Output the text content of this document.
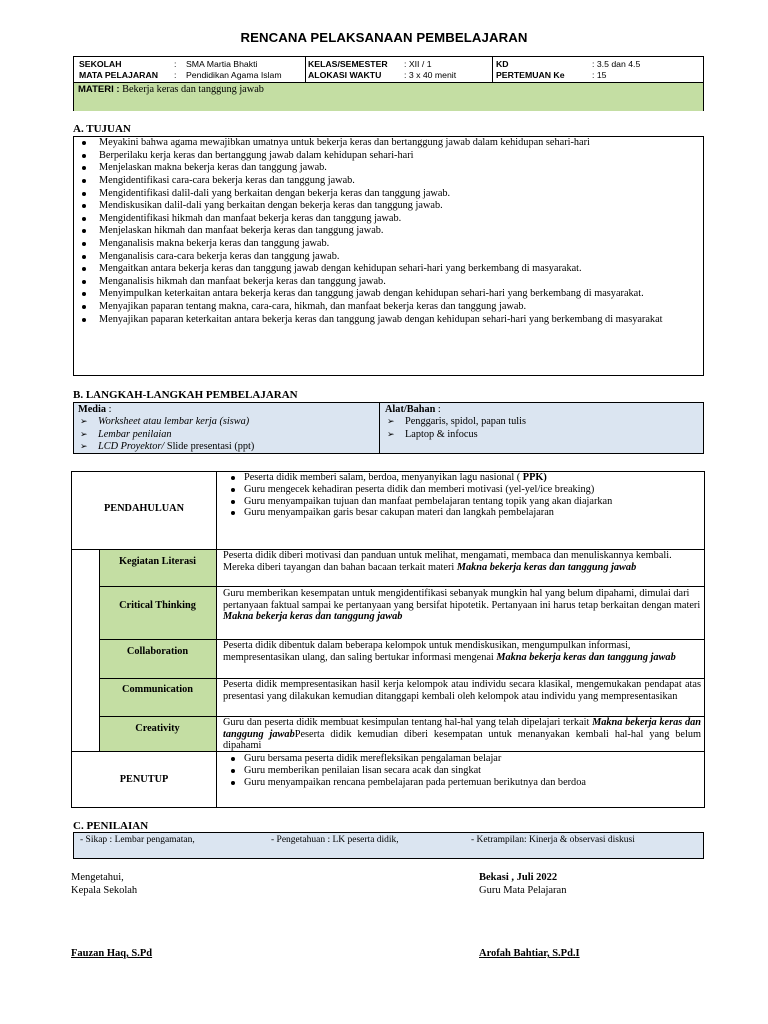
RENCANA PELAKSANAAN PEMBELAJARAN
SEKOLAH	: SMA Martia Bhakti
MATA PELAJARAN : Pendidikan Agama Islam
KELAS/SEMESTER : XII / 1
ALOKASI WAKTU	: 3 x 40 menit
KD	: 3.5 dan 4.5
PERTEMUAN Ke	: 15
MATERI : Bekerja keras dan tanggung jawab
A. TUJUAN
Meyakini bahwa agama mewajibkan umatnya untuk bekerja keras dan bertanggung jawab dalam kehidupan sehari-hari
Berperilaku kerja keras dan bertanggung jawab dalam kehidupan sehari-hari
Menjelaskan makna bekerja keras dan tanggung jawab.
Mengidentifikasi cara-cara bekerja keras dan tanggung jawab.
Mengidentifikasi dalil-dali yang berkaitan dengan bekerja keras dan tanggung jawab.
Mendiskusikan dalil-dali yang berkaitan dengan bekerja keras dan tanggung jawab.
Mengidentifikasi hikmah dan manfaat bekerja keras dan tanggung jawab.
Menjelaskan hikmah dan manfaat bekerja keras dan tanggung jawab.
Menganalisis makna bekerja keras dan tanggung jawab.
Menganalisis cara-cara bekerja keras dan tanggung jawab.
Mengaitkan antara bekerja keras dan tanggung jawab dengan kehidupan sehari-hari yang berkembang di masyarakat.
Menganalisis hikmah dan manfaat bekerja keras dan tanggung jawab.
Menyimpulkan keterkaitan antara bekerja keras dan tanggung jawab dengan kehidupan sehari-hari yang berkembang di masyarakat.
Menyajikan paparan tentang makna, cara-cara, hikmah, dan manfaat bekerja keras dan tanggung jawab.
Menyajikan paparan keterkaitan antara bekerja keras dan tanggung jawab dengan kehidupan sehari-hari yang berkembang di masyarakat
B. LANGKAH-LANGKAH PEMBELAJARAN
Media :
➢ Worksheet atau lembar kerja (siswa)
➢ Lembar penilaian
➢ LCD Proyektor/ Slide presentasi (ppt)
Alat/Bahan :
➢ Penggaris, spidol, papan tulis
➢ Laptop & infocus
PENDAHULUAN
Peserta didik memberi salam, berdoa, menyanyikan lagu nasional ( PPK)
Guru mengecek kehadiran peserta didik dan memberi motivasi (yel-yel/ice breaking)
Guru menyampaikan tujuan dan manfaat pembelajaran tentang topik yang akan diajarkan
Guru menyampaikan garis besar cakupan materi dan langkah pembelajaran
Kegiatan Literasi
Peserta didik diberi motivasi dan panduan untuk melihat, mengamati, membaca dan menuliskannya kembali. Mereka diberi tayangan dan bahan bacaan terkait materi Makna bekerja keras dan tanggung jawab
Critical Thinking
Guru memberikan kesempatan untuk mengidentifikasi sebanyak mungkin hal yang belum dipahami, dimulai dari pertanyaan faktual sampai ke pertanyaan yang bersifat hipotetik. Pertanyaan ini harus tetap berkaitan dengan materi Makna bekerja keras dan tanggung jawab
Collaboration
Peserta didik dibentuk dalam beberapa kelompok untuk mendiskusikan, mengumpulkan informasi, mempresentasikan ulang, dan saling bertukar informasi mengenai Makna bekerja keras dan tanggung jawab
Communication	Peserta didik mempresentasikan hasil kerja kelompok atau individu secara klasikal, mengemukakan pendapat atas presentasi yang dilakukan kemudian ditanggapi kembali oleh kelompok atau individu yang mempresentasikan
Creativity
Guru dan peserta didik membuat kesimpulan tentang hal-hal yang telah dipelajari terkait Makna bekerja keras dan tanggung jawabPeserta didik kemudian diberi kesempatan untuk menanyakan kembali hal-hal yang belum dipahami
PENUTUP
Guru bersama peserta didik merefleksikan pengalaman belajar
Guru memberikan penilaian lisan secara acak dan singkat
Guru menyampaikan rencana pembelajaran pada pertemuan berikutnya dan berdoa
C. PENILAIAN
- Sikap : Lembar pengamatan,	- Pengetahuan : LK peserta didik,	- Ketrampilan: Kinerja & observasi diskusi
Mengetahui,
Kepala Sekolah
Bekasi , Juli 2022
Guru Mata Pelajaran
Fauzan Haq, S.Pd	Arofah Bahtiar, S.Pd.I
